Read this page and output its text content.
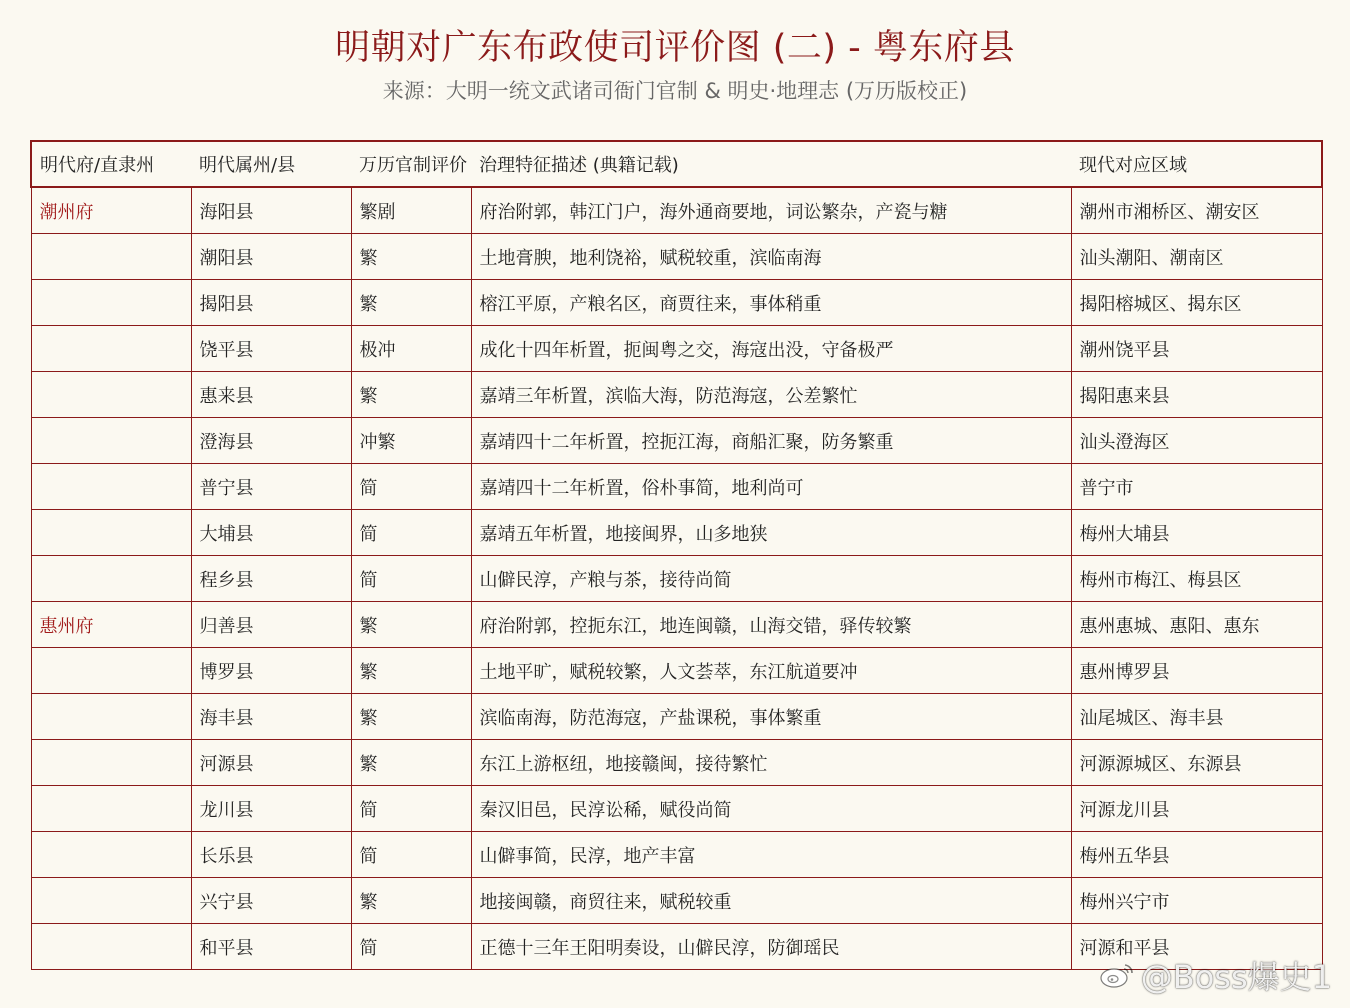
明朝对广东布政使司评价图 (二) - 粤东府县
来源：大明一统文武诸司衙门官制 & 明史·地理志 (万历版校正)
明代府/直隶州	明代属州/县	万历官制评价	治理特征描述 (典籍记载)	现代对应区域
潮州府	海阳县	繁剧	府治附郭，韩江门户，海外通商要地，词讼繁杂，产瓷与糖	潮州市湘桥区、潮安区
	潮阳县	繁	土地膏腴，地利饶裕，赋税较重，滨临南海	汕头潮阳、潮南区
	揭阳县	繁	榕江平原，产粮名区，商贾往来，事体稍重	揭阳榕城区、揭东区
	饶平县	极冲	成化十四年析置，扼闽粤之交，海寇出没，守备极严	潮州饶平县
	惠来县	繁	嘉靖三年析置，滨临大海，防范海寇，公差繁忙	揭阳惠来县
	澄海县	冲繁	嘉靖四十二年析置，控扼江海，商船汇聚，防务繁重	汕头澄海区
	普宁县	简	嘉靖四十二年析置，俗朴事简，地利尚可	普宁市
	大埔县	简	嘉靖五年析置，地接闽界，山多地狭	梅州大埔县
	程乡县	简	山僻民淳，产粮与茶，接待尚简	梅州市梅江、梅县区
惠州府	归善县	繁	府治附郭，控扼东江，地连闽赣，山海交错，驿传较繁	惠州惠城、惠阳、惠东
	博罗县	繁	土地平旷，赋税较繁，人文荟萃，东江航道要冲	惠州博罗县
	海丰县	繁	滨临南海，防范海寇，产盐课税，事体繁重	汕尾城区、海丰县
	河源县	繁	东江上游枢纽，地接赣闽，接待繁忙	河源源城区、东源县
	龙川县	简	秦汉旧邑，民淳讼稀，赋役尚简	河源龙川县
	长乐县	简	山僻事简，民淳，地产丰富	梅州五华县
	兴宁县	繁	地接闽赣，商贸往来，赋税较重	梅州兴宁市
	和平县	简	正德十三年王阳明奏设，山僻民淳，防御瑶民	河源和平县
@Boss爆史1
